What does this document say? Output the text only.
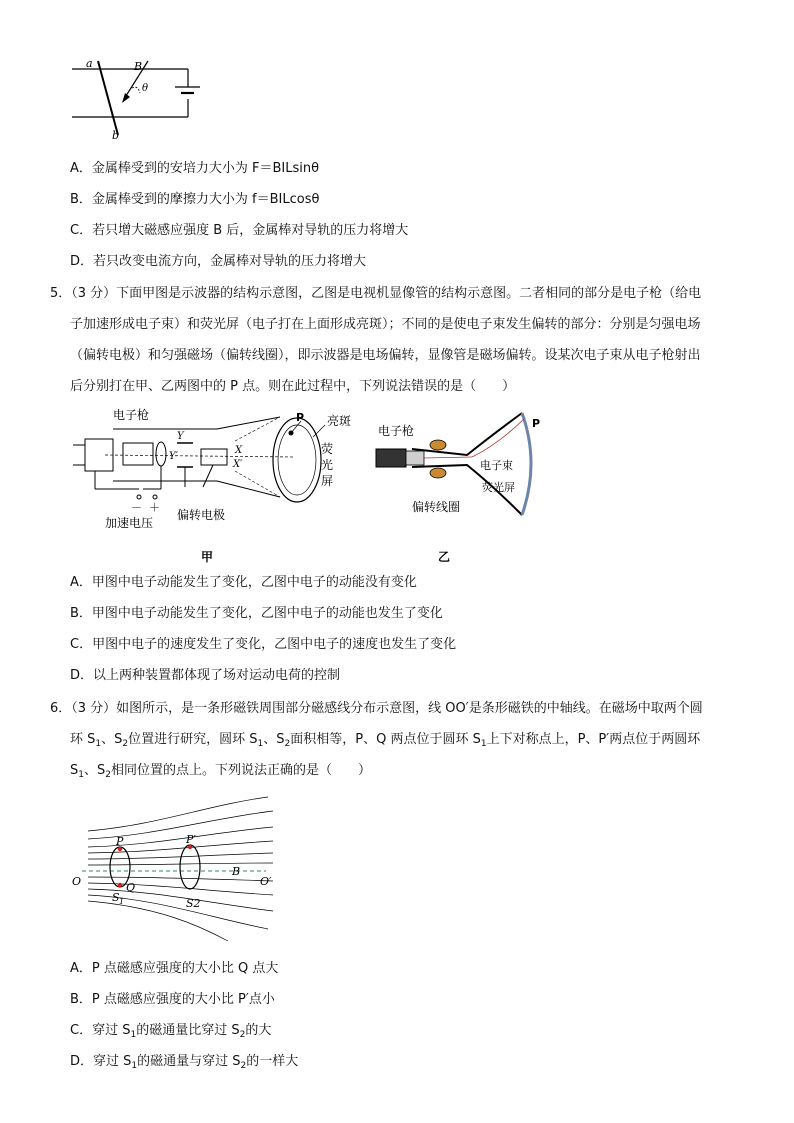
a
b
B
θ
A．金属棒受到的安培力大小为 F＝BILsinθ
B．金属棒受到的摩擦力大小为 f＝BILcosθ
C．若只增大磁感应强度 B 后，金属棒对导轨的压力将增大
D．若只改变电流方向，金属棒对导轨的压力将增大
5．（3 分）下面甲图是示波器的结构示意图，乙图是电视机显像管的结构示意图。二者相同的部分是电子枪（给电
子加速形成电子束）和荧光屏（电子打在上面形成亮斑）；不同的是使电子束发生偏转的部分：分别是匀强电场
（偏转电极）和匀强磁场（偏转线圈），即示波器是电场偏转，显像管是磁场偏转。设某次电子束从电子枪射出
后分别打在甲、乙两图中的 P 点。则在此过程中，下列说法错误的是（　　）
电子枪
Y
Y′
X
X′
P 亮斑
荧
光
屏
－ ＋
加速电压
偏转电极
甲
电子枪
P
电子束
荧光屏
偏转线圈
乙
A．甲图中电子动能发生了变化，乙图中电子的动能没有变化
B．甲图中电子动能发生了变化，乙图中电子的动能也发生了变化
C．甲图中电子的速度发生了变化，乙图中电子的速度也发生了变化
D．以上两种装置都体现了场对运动电荷的控制
6．（3 分）如图所示，是一条形磁铁周围部分磁感线分布示意图，线 OO′是条形磁铁的中轴线。在磁场中取两个圆
环 $S_1$、$S_2$位置进行研究，圆环 $S_1$、$S_2$面积相等，P、Q 两点位于圆环 $S_1$上下对称点上，P、P′两点位于两圆环
$S_1$、$S_2$相同位置的点上。下列说法正确的是（　　）
O	O′
P	P′
Q
B
S 1	S2
A．P 点磁感应强度的大小比 Q 点大
B．P 点磁感应强度的大小比 P′点小
C．穿过 $S_1$的磁通量比穿过 $S_2$的大
D．穿过 $S_1$的磁通量与穿过 $S_2$的一样大
